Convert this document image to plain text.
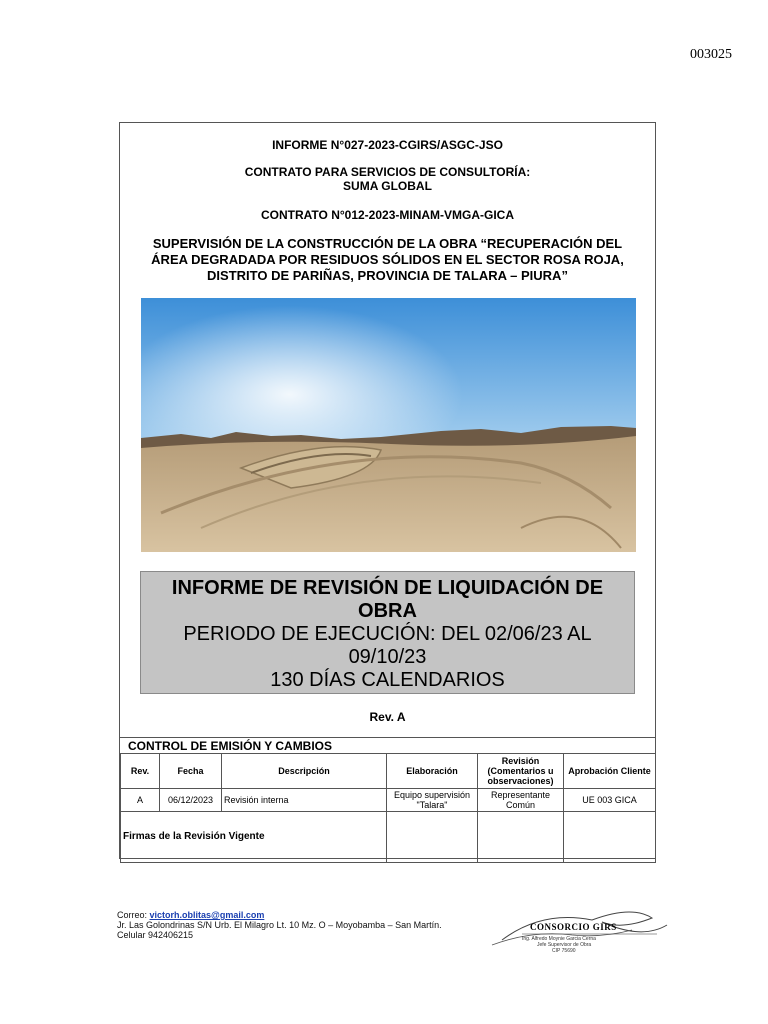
003025
INFORME N°027-2023-CGIRS/ASGC-JSO
CONTRATO PARA SERVICIOS DE CONSULTORÍA:
SUMA GLOBAL
CONTRATO N°012-2023-MINAM-VMGA-GICA
SUPERVISIÓN DE LA CONSTRUCCIÓN DE LA OBRA “RECUPERACIÓN DEL
ÁREA DEGRADADA POR RESIDUOS SÓLIDOS EN EL SECTOR ROSA ROJA,
DISTRITO DE PARIÑAS, PROVINCIA DE TALARA – PIURA”
INFORME DE REVISIÓN DE LIQUIDACIÓN DE
OBRA
PERIODO DE EJECUCIÓN: DEL 02/06/23 AL
09/10/23
130 DÍAS CALENDARIOS
Rev. A
CONTROL DE EMISIÓN Y CAMBIOS
Rev.	Fecha	Descripción	Elaboración	Revisión (Comentarios u observaciones)	Aprobación Cliente
A	06/12/2023	Revisión interna	Equipo supervisión "Talara"	Representante Común	UE 003 GICA
Firmas de la Revisión Vigente					
Correo: victorh.oblitas@gmail.com
Jr. Las Golondrinas S/N Urb. El Milagro Lt. 10 Mz. O – Moyobamba – San Martín.
Celular 942406215
CONSORCIO GIRS
Ing. Alfredo Moynie Garcia Cerna
Jefe Supervisor de Obra
CIP 75690
